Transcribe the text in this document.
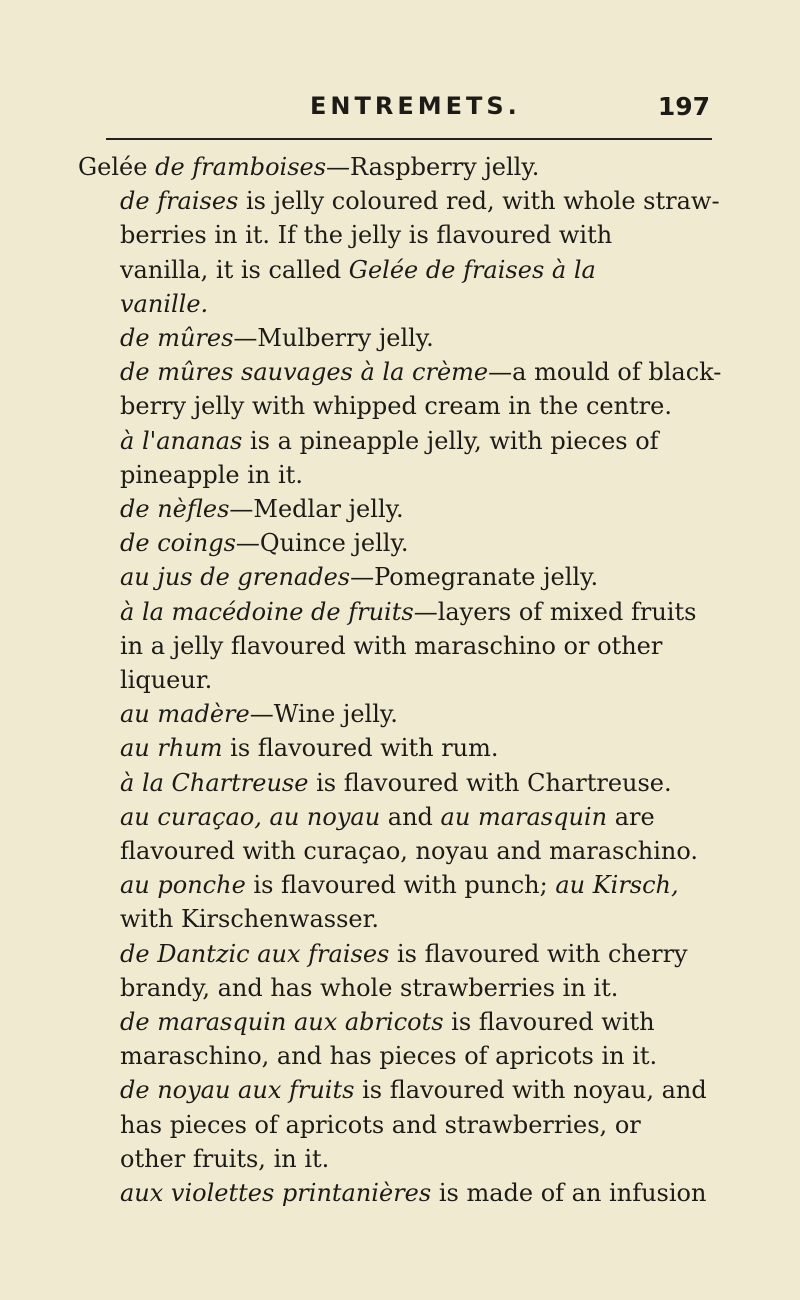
ENTREMETS.	197
Gelée de framboises—Raspberry jelly.
de fraises is jelly coloured red, with whole straw-
berries in it. If the jelly is flavoured with
vanilla, it is called Gelée de fraises à la
vanille.
de mûres—Mulberry jelly.
de mûres sauvages à la crème—a mould of black-
berry jelly with whipped cream in the centre.
à l'ananas is a pineapple jelly, with pieces of
pineapple in it.
de nèfles—Medlar jelly.
de coings—Quince jelly.
au jus de grenades—Pomegranate jelly.
à la macédoine de fruits—layers of mixed fruits
in a jelly flavoured with maraschino or other
liqueur.
au madère—Wine jelly.
au rhum is flavoured with rum.
à la Chartreuse is flavoured with Chartreuse.
au curaçao, au noyau and au marasquin are
flavoured with curaçao, noyau and maraschino.
au ponche is flavoured with punch; au Kirsch,
with Kirschenwasser.
de Dantzic aux fraises is flavoured with cherry
brandy, and has whole strawberries in it.
de marasquin aux abricots is flavoured with
maraschino, and has pieces of apricots in it.
de noyau aux fruits is flavoured with noyau, and
has pieces of apricots and strawberries, or
other fruits, in it.
aux violettes printanières is made of an infusion
